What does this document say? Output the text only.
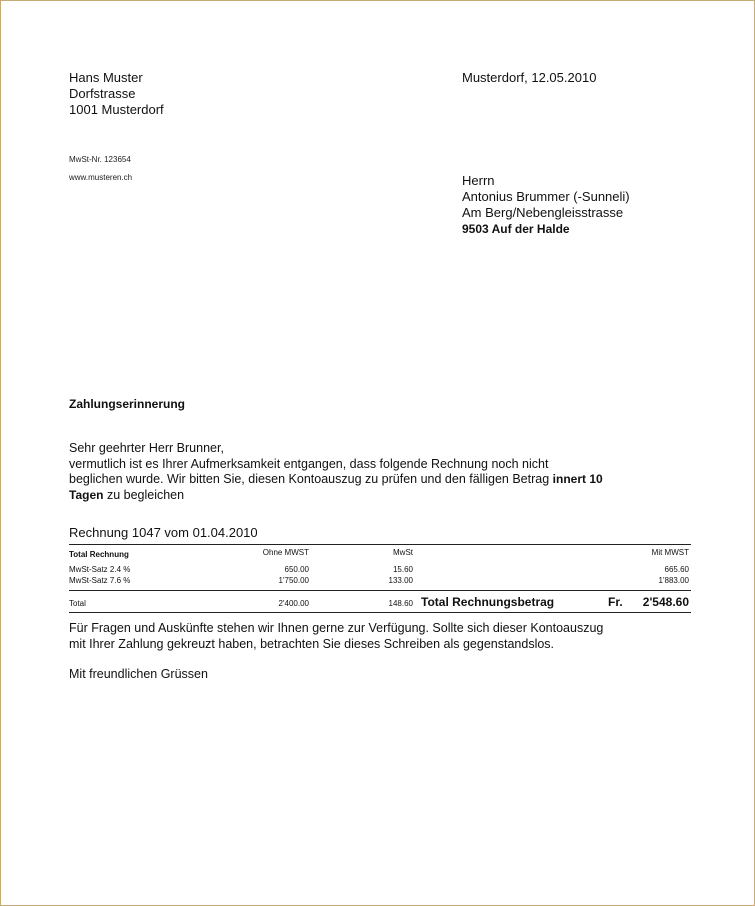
Hans Muster
Dorfstrasse
1001 Musterdorf
MwSt-Nr. 123654
www.musteren.ch
Musterdorf, 12.05.2010
Herrn
Antonius Brummer (-Sunneli)
Am Berg/Nebengleisstrasse
9503 Auf der Halde
Zahlungserinnerung
Sehr geehrter Herr Brunner,
vermutlich ist es Ihrer Aufmerksamkeit entgangen, dass folgende Rechnung noch nicht
beglichen wurde. Wir bitten Sie, diesen Kontoauszug zu prüfen und den fälligen Betrag innert 10
Tagen zu begleichen
Rechnung 1047 vom 01.04.2010
Total Rechnung	Ohne MWST	MwSt	Mit MWST
MwSt-Satz 2.4 %	650.00	15.60	665.60
MwSt-Satz 7.6 %	1'750.00	133.00	1'883.00
Total	2'400.00	148.60 Total Rechnungsbetrag	Fr. 2'548.60
Für Fragen und Auskünfte stehen wir Ihnen gerne zur Verfügung. Sollte sich dieser Kontoauszug
mit Ihrer Zahlung gekreuzt haben, betrachten Sie dieses Schreiben als gegenstandslos.
Mit freundlichen Grüssen
